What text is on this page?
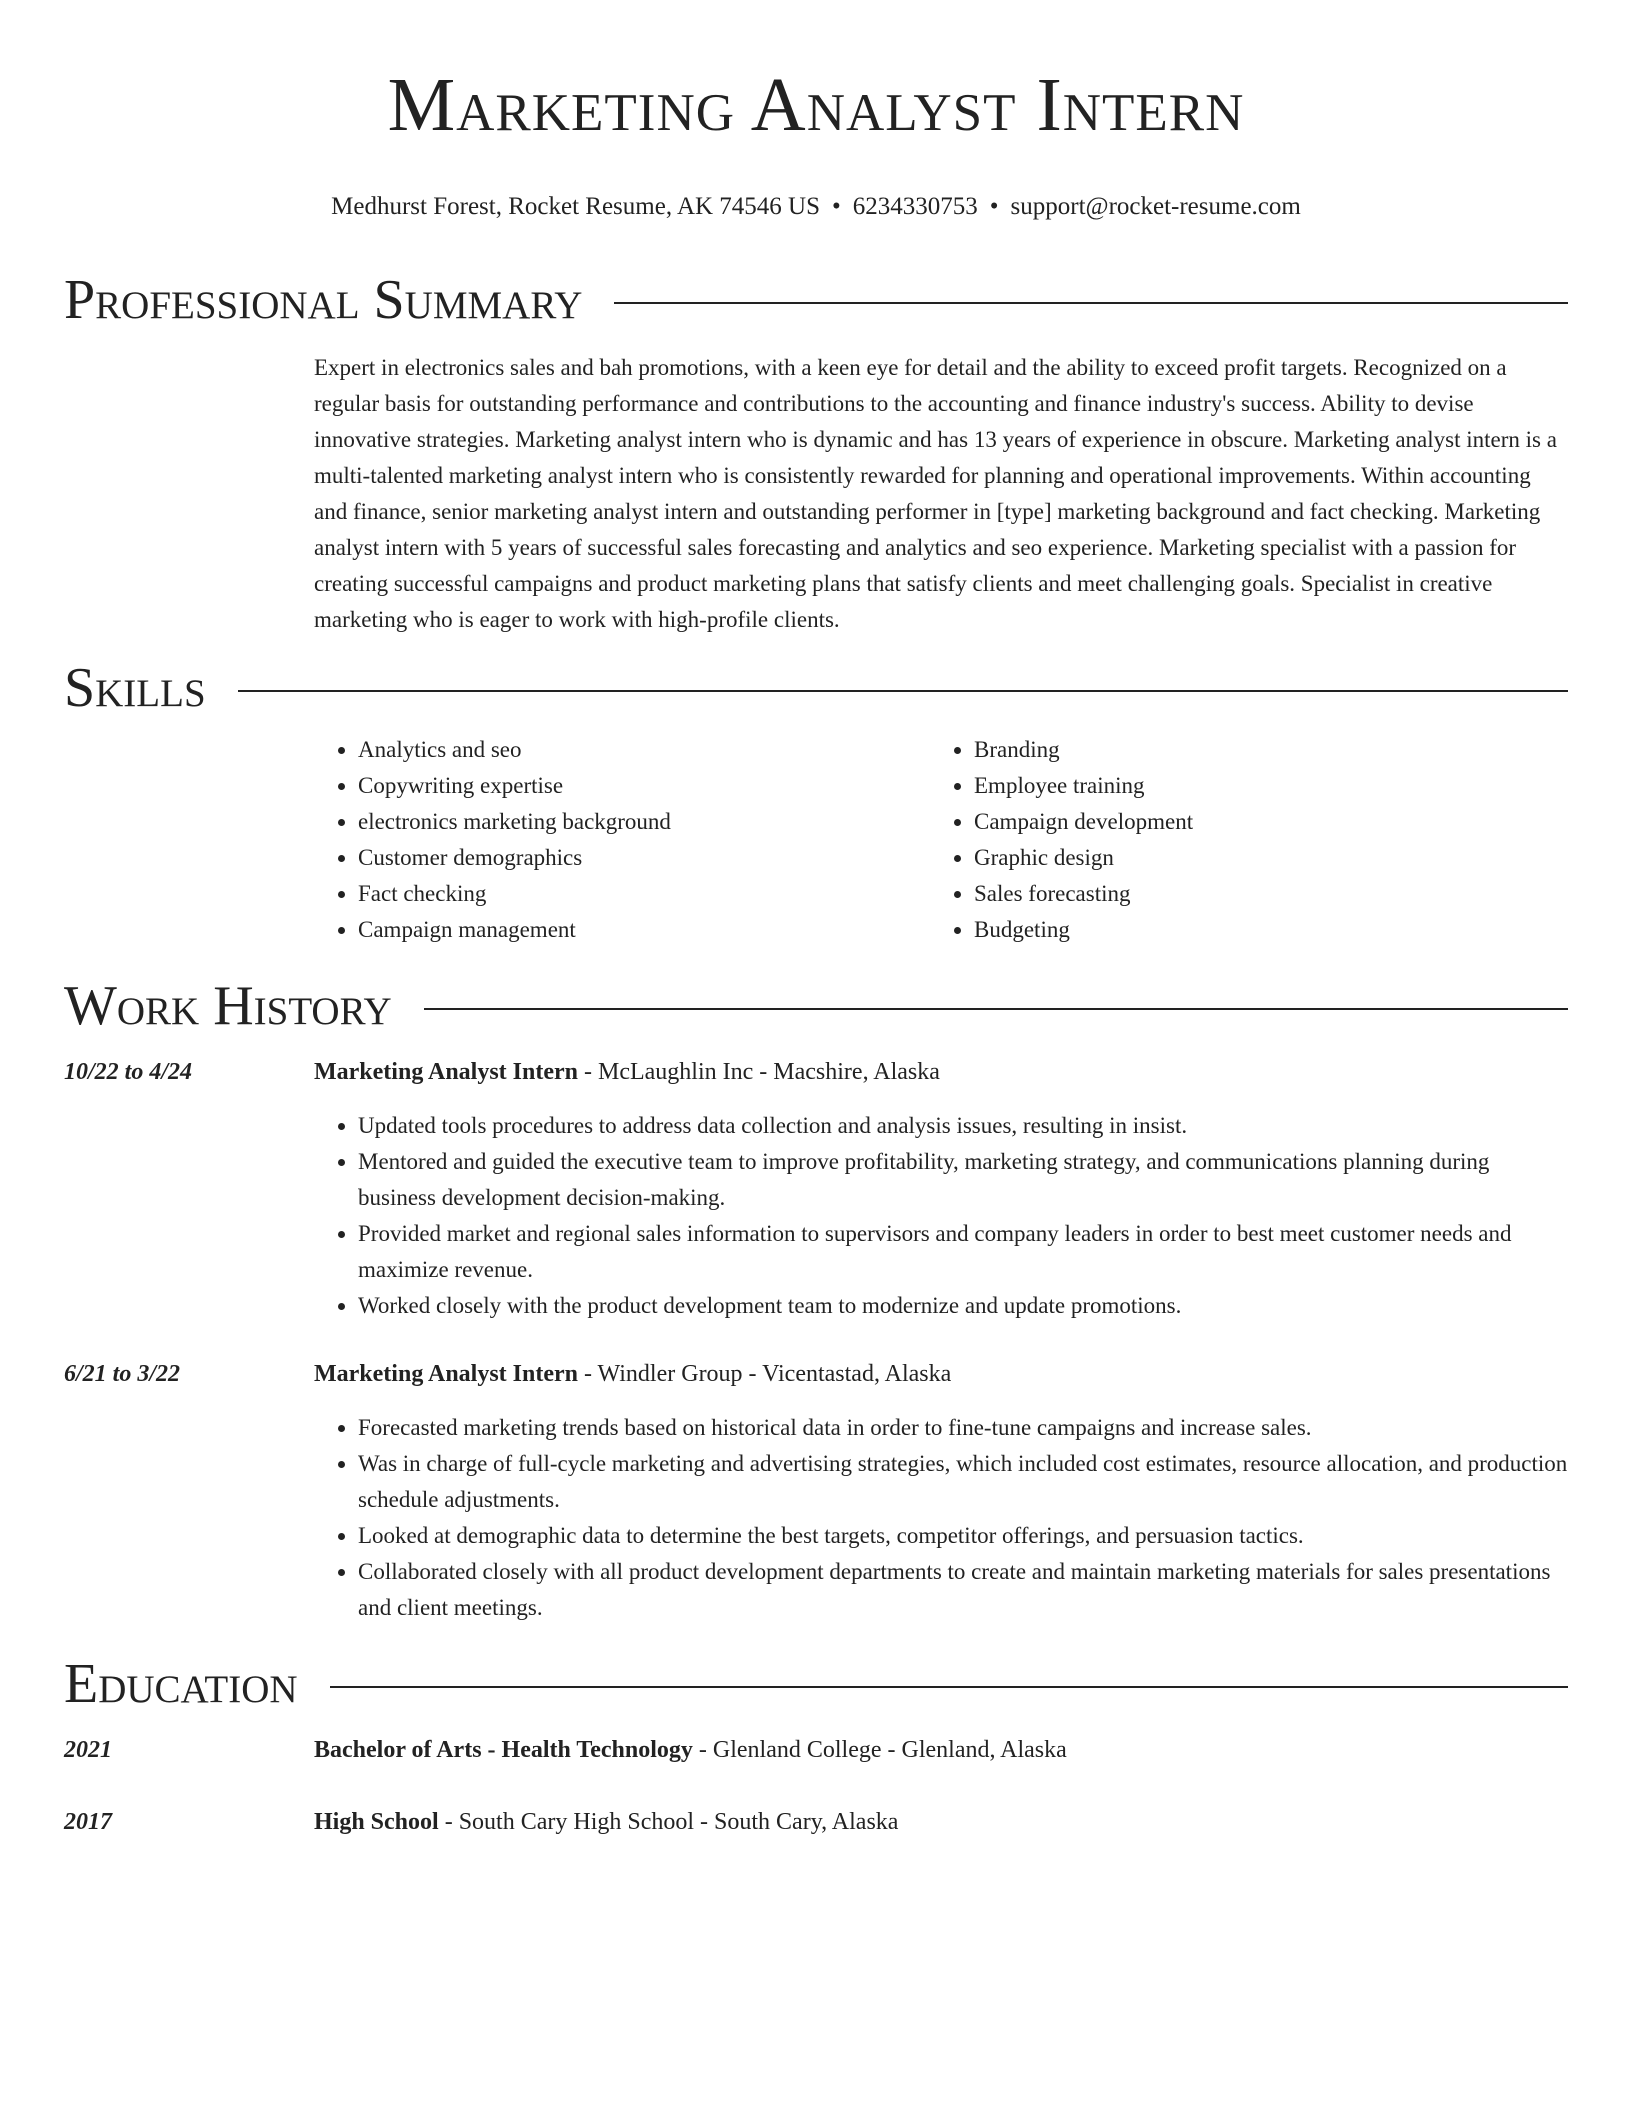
Marketing Analyst Intern
Medhurst Forest, Rocket Resume, AK 74546 US • 6234330753 • support@rocket-resume.com
Professional Summary
Expert in electronics sales and bah promotions, with a keen eye for detail and the ability to exceed profit targets. Recognized on a regular basis for outstanding performance and contributions to the accounting and finance industry's success. Ability to devise innovative strategies. Marketing analyst intern who is dynamic and has 13 years of experience in obscure. Marketing analyst intern is a multi-talented marketing analyst intern who is consistently rewarded for planning and operational improvements. Within accounting and finance, senior marketing analyst intern and outstanding performer in [type] marketing background and fact checking. Marketing analyst intern with 5 years of successful sales forecasting and analytics and seo experience. Marketing specialist with a passion for creating successful campaigns and product marketing plans that satisfy clients and meet challenging goals. Specialist in creative marketing who is eager to work with high-profile clients.
Skills
• Analytics and seo
• Copywriting expertise
• electronics marketing background
• Customer demographics
• Fact checking
• Campaign management
• Branding
• Employee training
• Campaign development
• Graphic design
• Sales forecasting
• Budgeting
Work History
10/22 to 4/24	Marketing Analyst Intern - McLaughlin Inc - Macshire, Alaska
• Updated tools procedures to address data collection and analysis issues, resulting in insist.
• Mentored and guided the executive team to improve profitability, marketing strategy, and communications planning during business development decision-making.
• Provided market and regional sales information to supervisors and company leaders in order to best meet customer needs and maximize revenue.
• Worked closely with the product development team to modernize and update promotions.
6/21 to 3/22	Marketing Analyst Intern - Windler Group - Vicentastad, Alaska
• Forecasted marketing trends based on historical data in order to fine-tune campaigns and increase sales.
• Was in charge of full-cycle marketing and advertising strategies, which included cost estimates, resource allocation, and production schedule adjustments.
• Looked at demographic data to determine the best targets, competitor offerings, and persuasion tactics.
• Collaborated closely with all product development departments to create and maintain marketing materials for sales presentations and client meetings.
Education
2021	Bachelor of Arts - Health Technology - Glenland College - Glenland, Alaska
2017	High School - South Cary High School - South Cary, Alaska
